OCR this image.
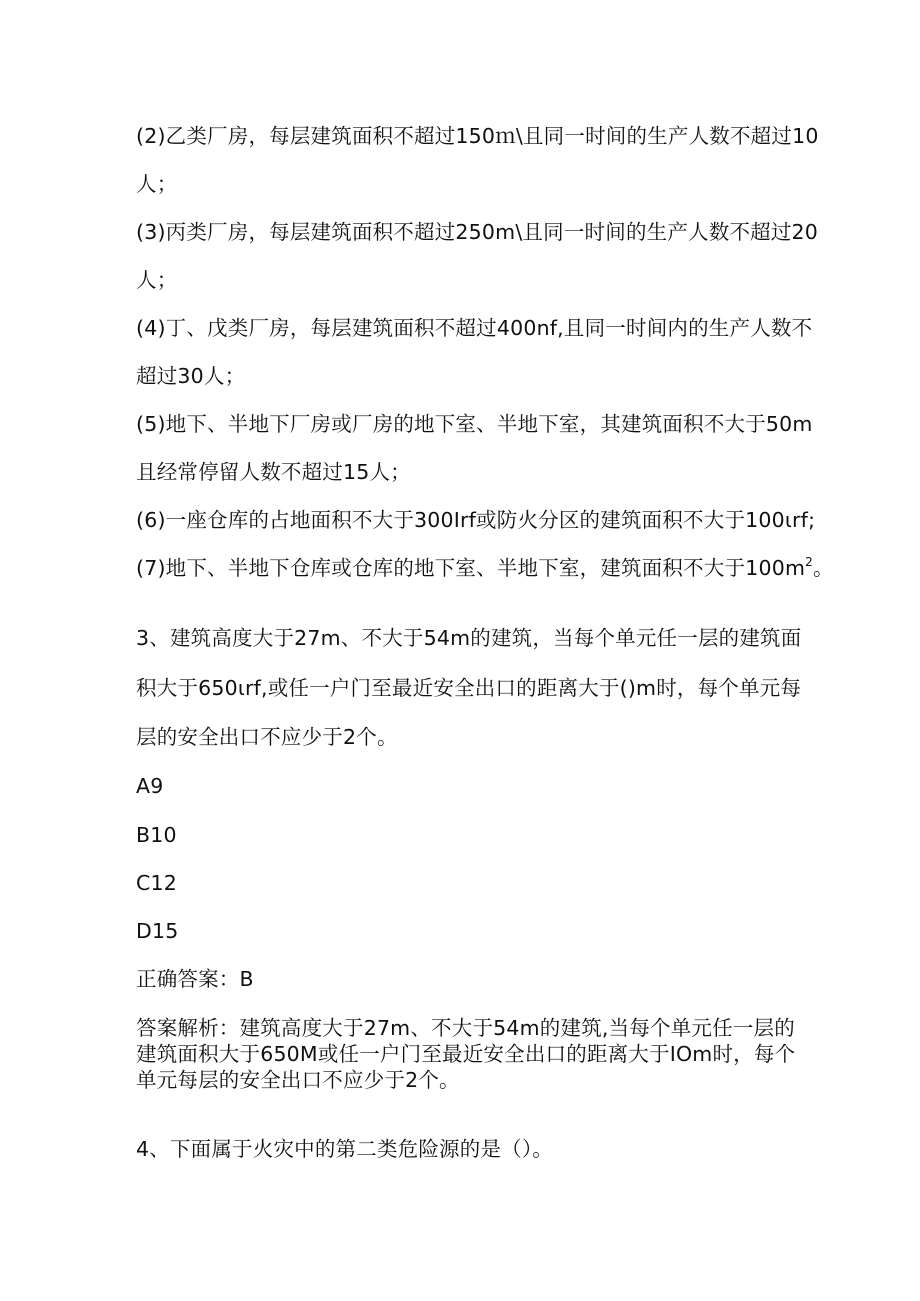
(2)乙类厂房，每层建筑面积不超过150ｍ\且同一时间的生产人数不超过10
人；
(3)丙类厂房，每层建筑面积不超过250m\且同一时间的生产人数不超过20
人；
(4)丁、戊类厂房，每层建筑面积不超过400nf,且同一时间内的生产人数不
超过30人；
(5)地下、半地下厂房或厂房的地下室、半地下室，其建筑面积不大于50m
且经常停留人数不超过15人；
(6)一座仓库的占地面积不大于300Irf或防火分区的建筑面积不大于100ιrf;
(7)地下、半地下仓库或仓库的地下室、半地下室，建筑面积不大于$100m^2$。
3、建筑高度大于27m、不大于54m的建筑，当每个单元任一层的建筑面
积大于650ιrf,或任一户门至最近安全出口的距离大于()m时，每个单元每
层的安全出口不应少于2个。
A9
B10
C12
D15
正确答案：B
答案解析：建筑高度大于27m、不大于54m的建筑,当每个单元任一层的
建筑面积大于650M或任一户门至最近安全出口的距离大于IOm时，每个
单元每层的安全出口不应少于2个。
4、下面属于火灾中的第二类危险源的是（）。
